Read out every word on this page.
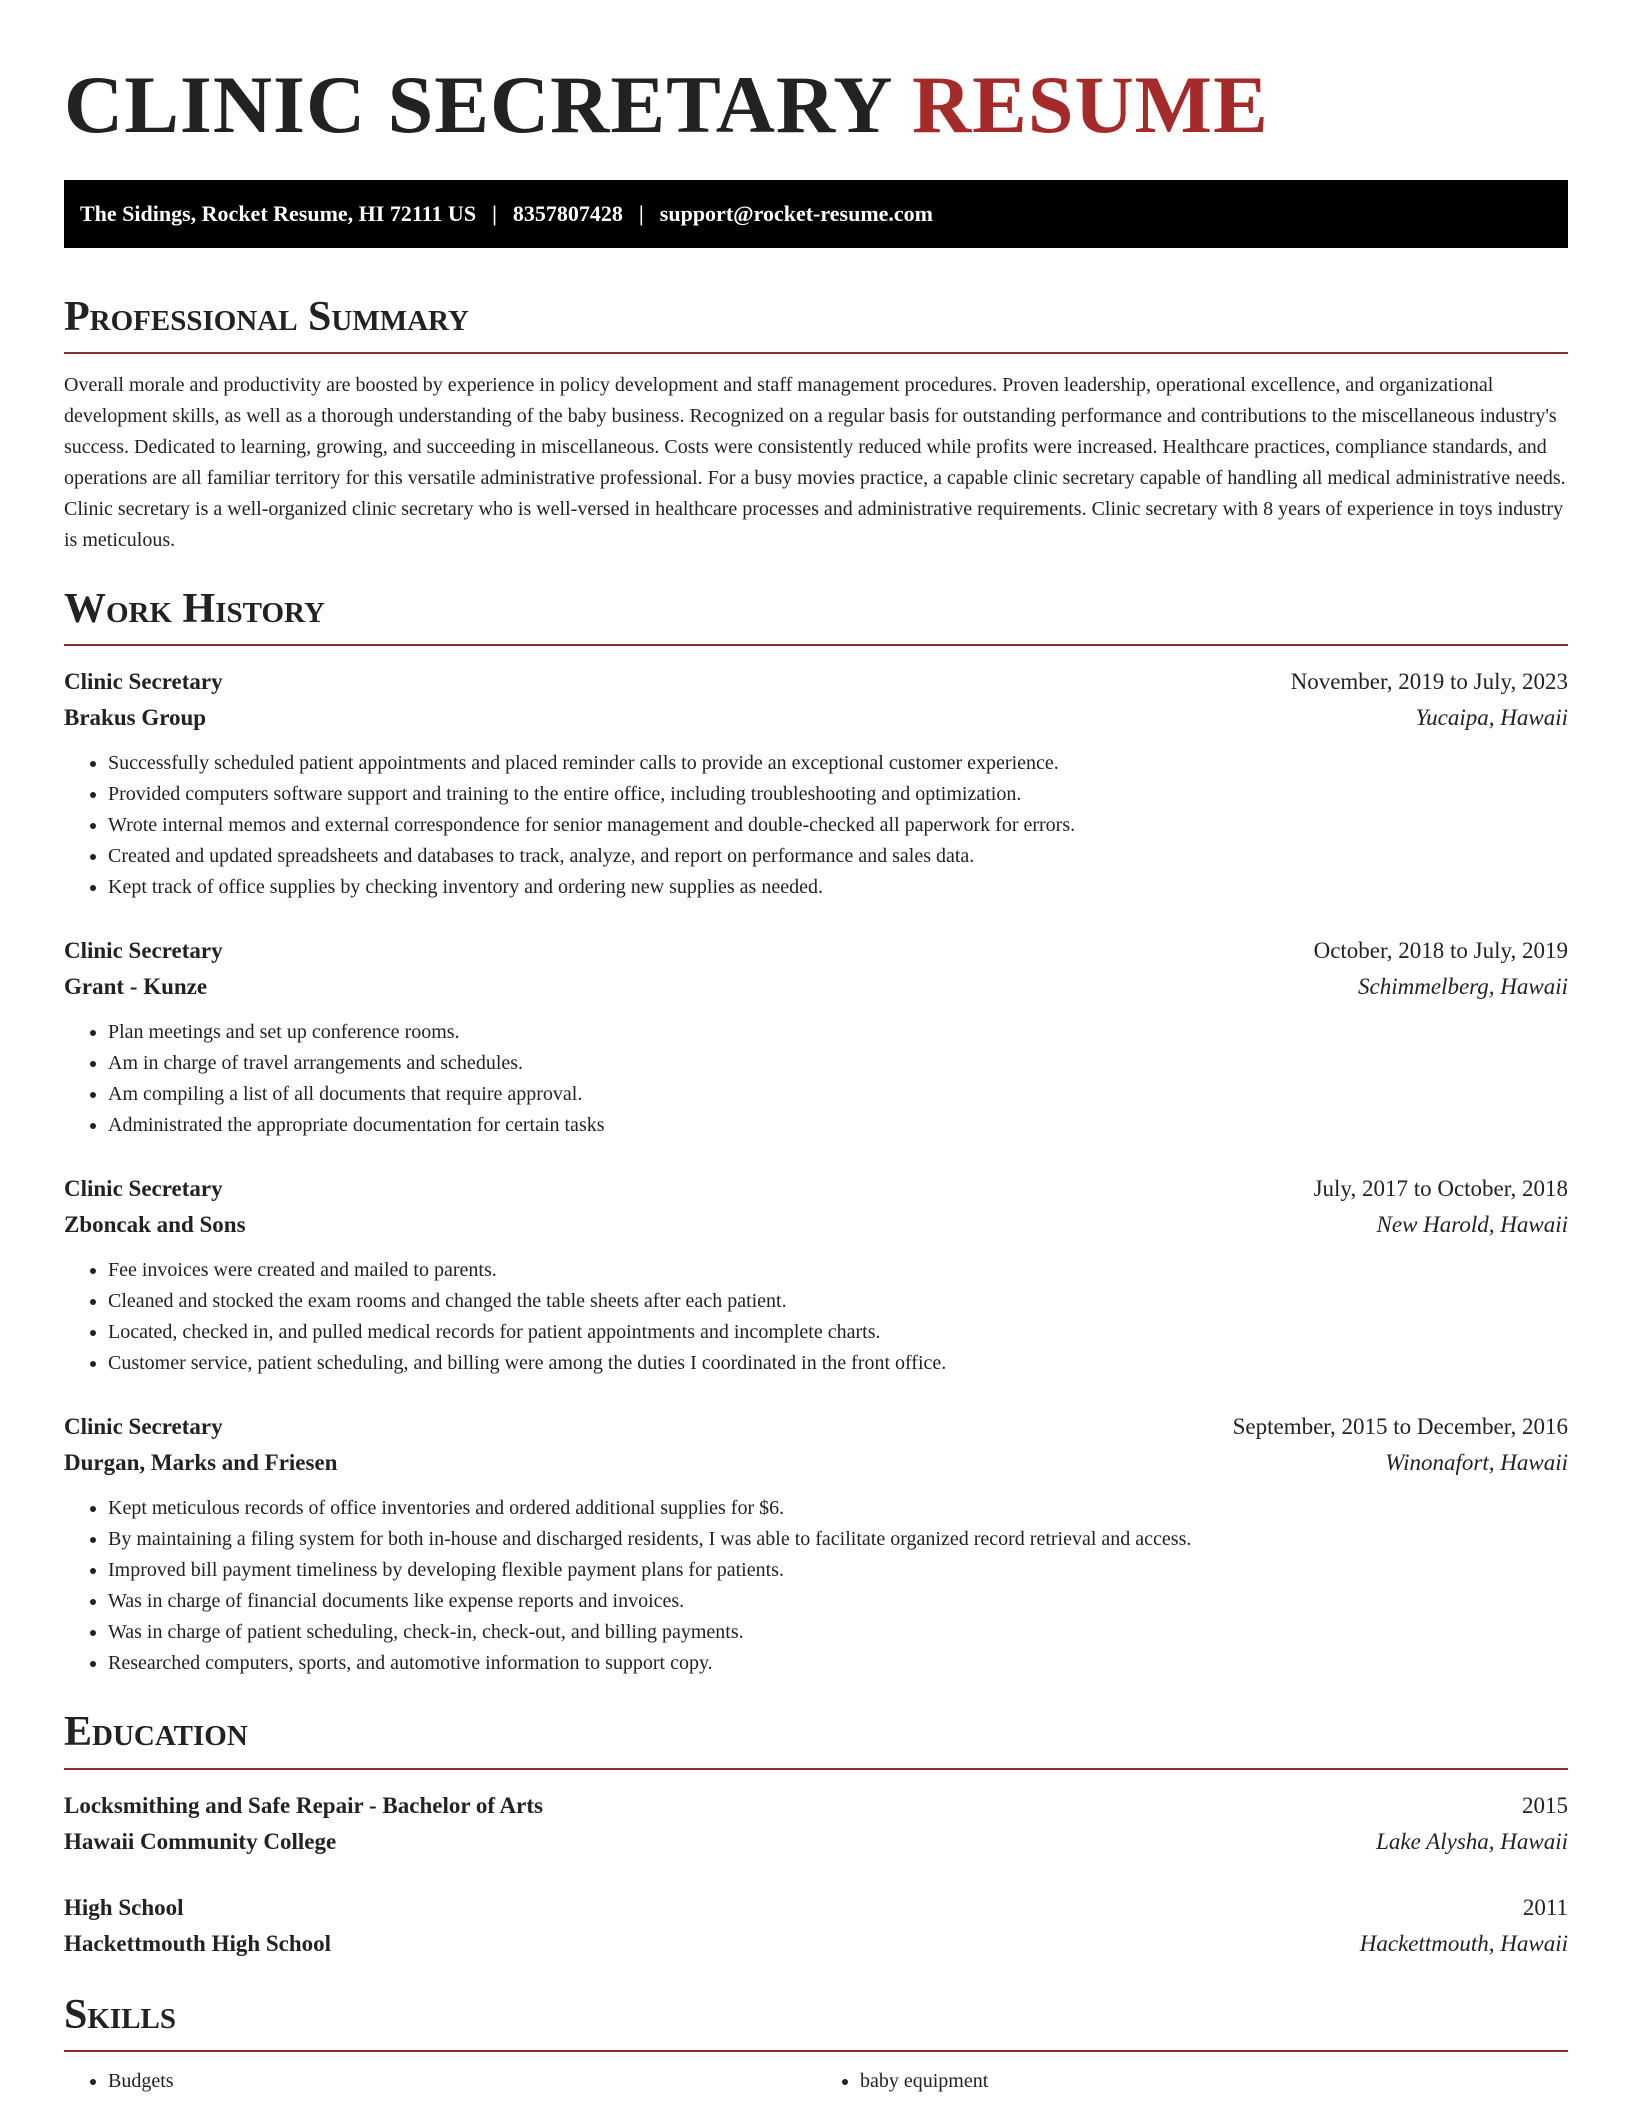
CLINIC SECRETARY RESUME
The Sidings, Rocket Resume, HI 72111 US | 8357807428 | support@rocket-resume.com
Professional Summary

Overall morale and productivity are boosted by experience in policy development and staff management procedures. Proven leadership, operational excellence, and organizational development skills, as well as a thorough understanding of the baby business. Recognized on a regular basis for outstanding performance and contributions to the miscellaneous industry's success. Dedicated to learning, growing, and succeeding in miscellaneous. Costs were consistently reduced while profits were increased. Healthcare practices, compliance standards, and operations are all familiar territory for this versatile administrative professional. For a busy movies practice, a capable clinic secretary capable of handling all medical administrative needs. Clinic secretary is a well-organized clinic secretary who is well-versed in healthcare processes and administrative requirements. Clinic secretary with 8 years of experience in toys industry is meticulous.

Work History
Clinic Secretary	November, 2019 to July, 2023
Brakus Group	Yucaipa, Hawaii
• Successfully scheduled patient appointments and placed reminder calls to provide an exceptional customer experience.
• Provided computers software support and training to the entire office, including troubleshooting and optimization.
• Wrote internal memos and external correspondence for senior management and double-checked all paperwork for errors.
• Created and updated spreadsheets and databases to track, analyze, and report on performance and sales data.
• Kept track of office supplies by checking inventory and ordering new supplies as needed.
Clinic Secretary	October, 2018 to July, 2019
Grant - Kunze	Schimmelberg, Hawaii
• Plan meetings and set up conference rooms.
• Am in charge of travel arrangements and schedules.
• Am compiling a list of all documents that require approval.
• Administrated the appropriate documentation for certain tasks
Clinic Secretary	July, 2017 to October, 2018
Zboncak and Sons	New Harold, Hawaii
• Fee invoices were created and mailed to parents.
• Cleaned and stocked the exam rooms and changed the table sheets after each patient.
• Located, checked in, and pulled medical records for patient appointments and incomplete charts.
• Customer service, patient scheduling, and billing were among the duties I coordinated in the front office.
Clinic Secretary	September, 2015 to December, 2016
Durgan, Marks and Friesen	Winonafort, Hawaii
• Kept meticulous records of office inventories and ordered additional supplies for $6.
• By maintaining a filing system for both in-house and discharged residents, I was able to facilitate organized record retrieval and access.
• Improved bill payment timeliness by developing flexible payment plans for patients.
• Was in charge of financial documents like expense reports and invoices.
• Was in charge of patient scheduling, check-in, check-out, and billing payments.
• Researched computers, sports, and automotive information to support copy.
Education
Locksmithing and Safe Repair - Bachelor of Arts	2015
Hawaii Community College	Lake Alysha, Hawaii
High School	2011
Hackettmouth High School	Hackettmouth, Hawaii
Skills
• Budgets
•	baby equipment
